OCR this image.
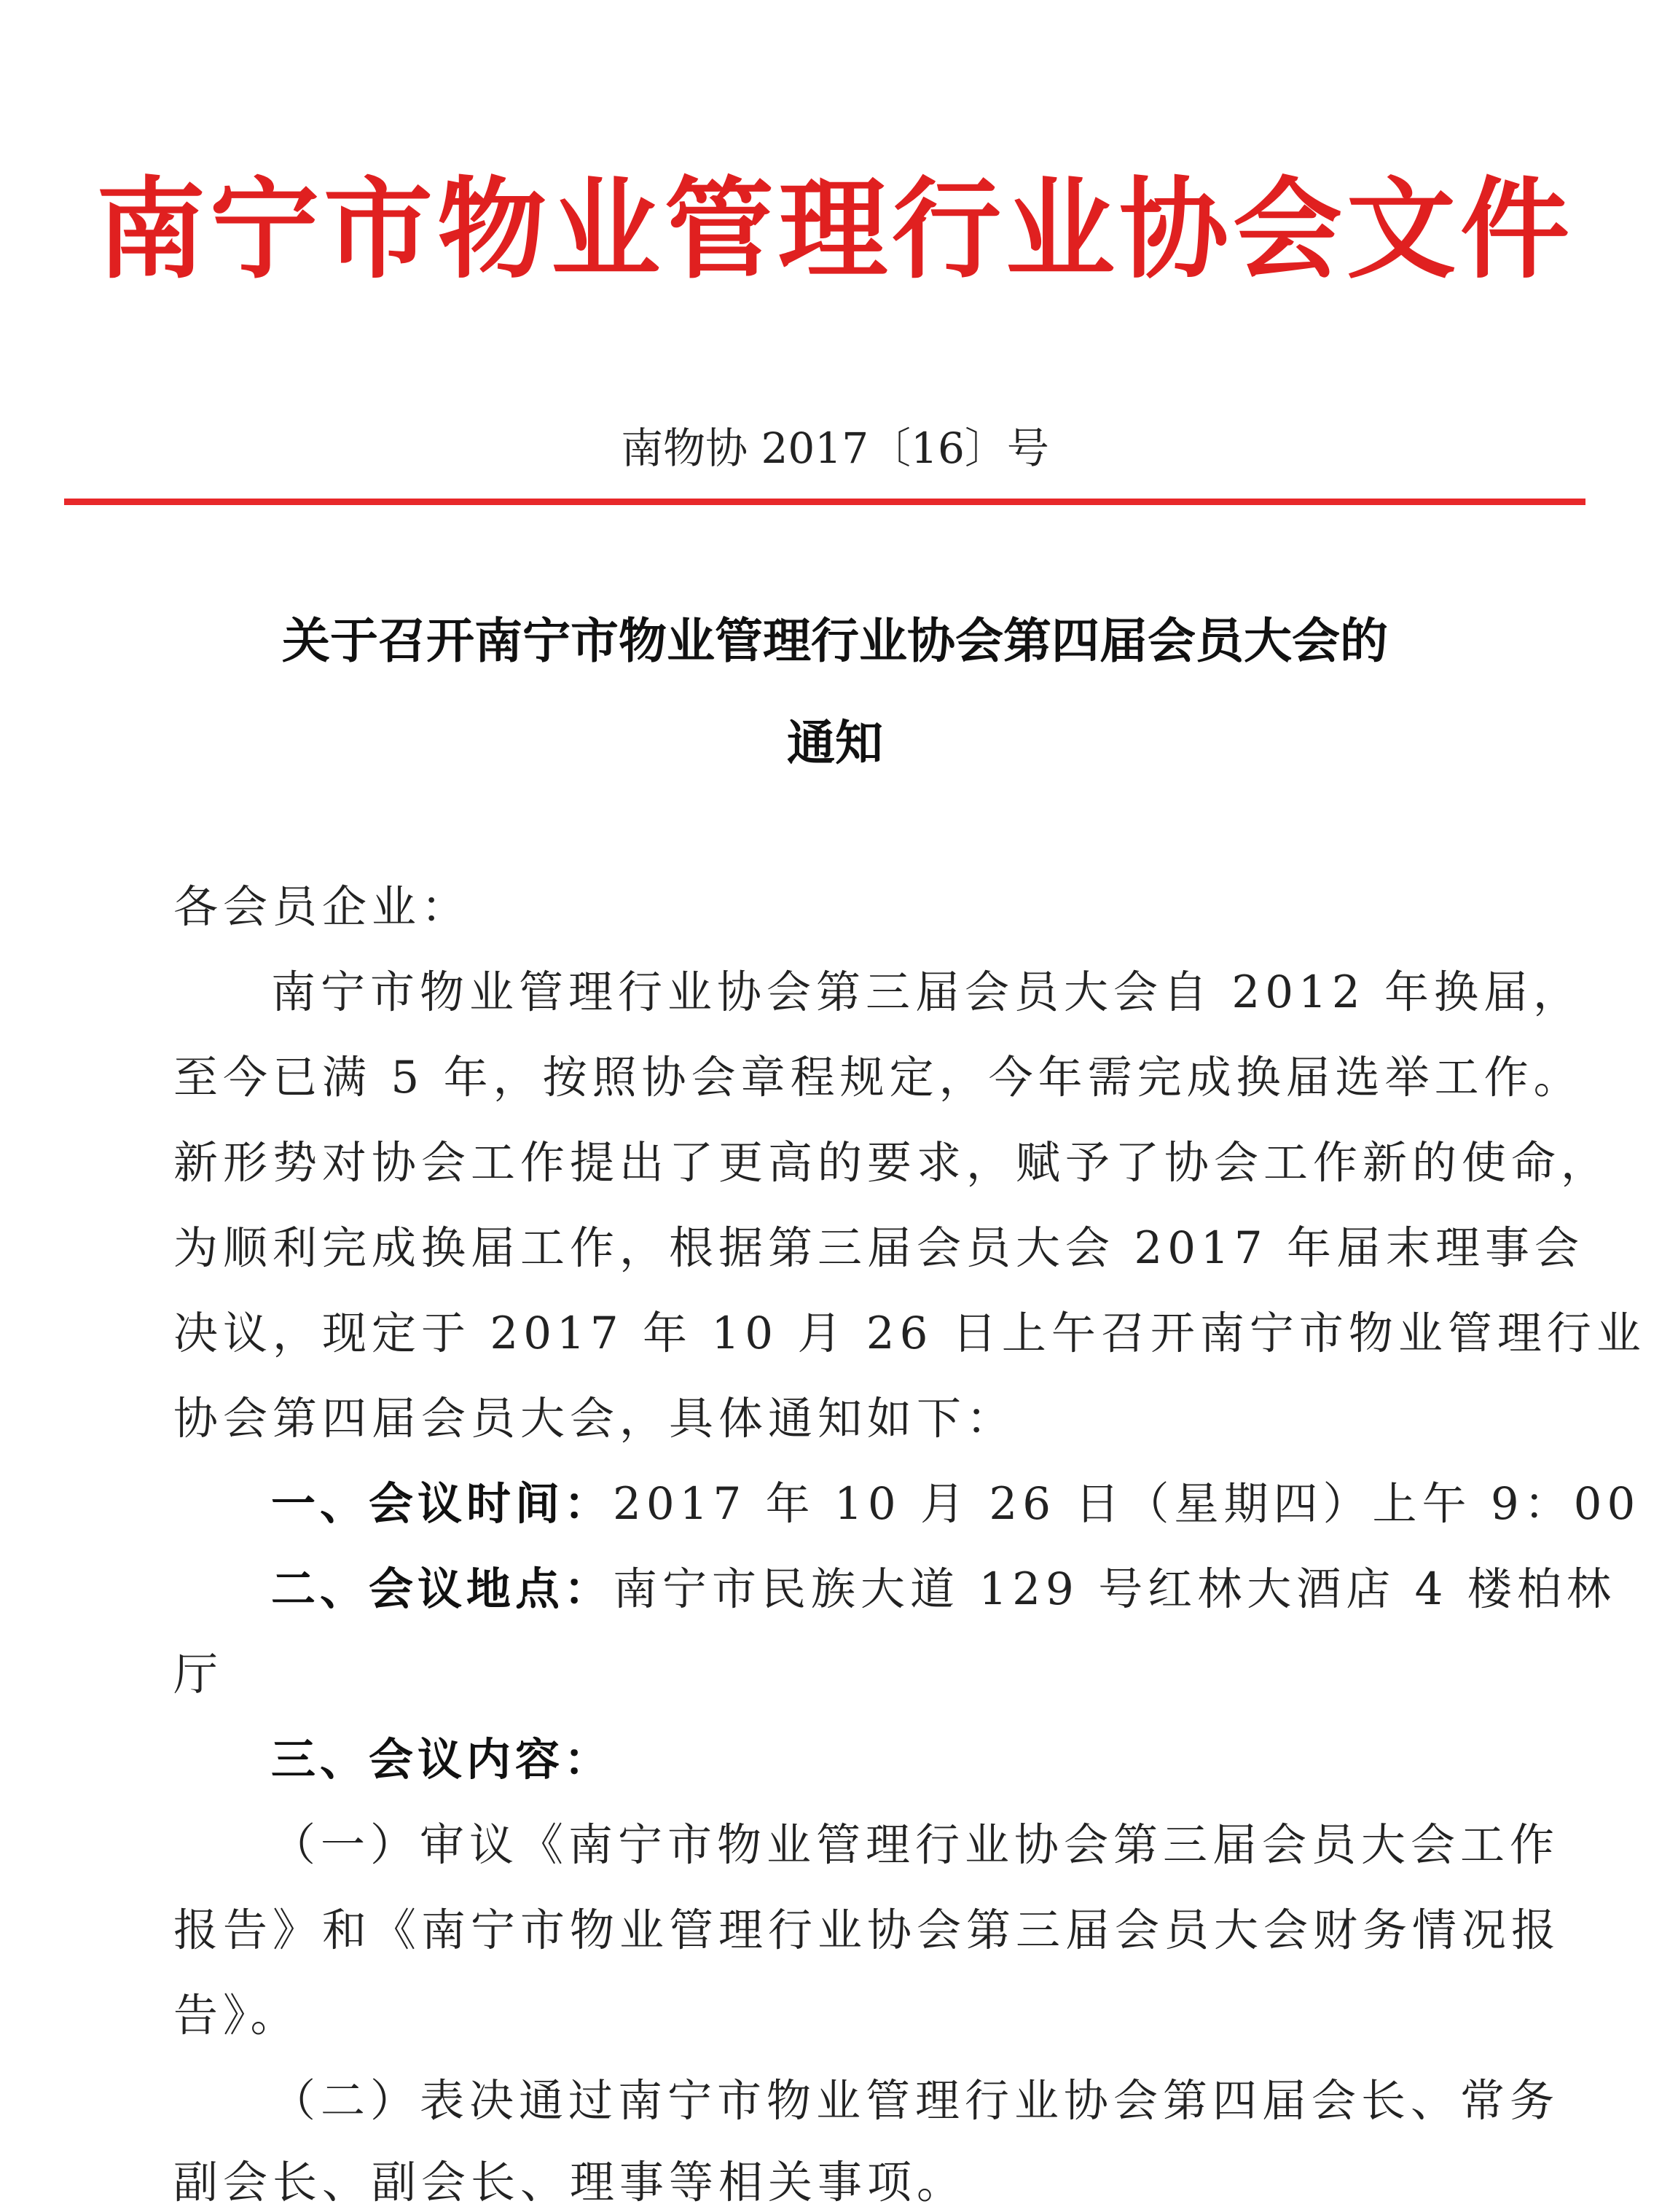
南宁市物业管理行业协会文件
南物协 2017〔16〕号
关于召开南宁市物业管理行业协会第四届会员大会的
通知
各会员企业：
南宁市物业管理行业协会第三届会员大会自 2012 年换届，
至今已满 5 年，按照协会章程规定，今年需完成换届选举工作。
新形势对协会工作提出了更高的要求，赋予了协会工作新的使命，
为顺利完成换届工作，根据第三届会员大会 2017 年届末理事会
决议，现定于 2017 年 10 月 26 日上午召开南宁市物业管理行业
协会第四届会员大会，具体通知如下：
一、会议时间：2017 年 10 月 26 日（星期四）上午 9：00
二、会议地点：南宁市民族大道 129 号红林大酒店 4 楼柏林
厅
三、会议内容：
（一）审议《南宁市物业管理行业协会第三届会员大会工作
报告》和《南宁市物业管理行业协会第三届会员大会财务情况报
告》。
（二）表决通过南宁市物业管理行业协会第四届会长、常务
副会长、副会长、理事等相关事项。
